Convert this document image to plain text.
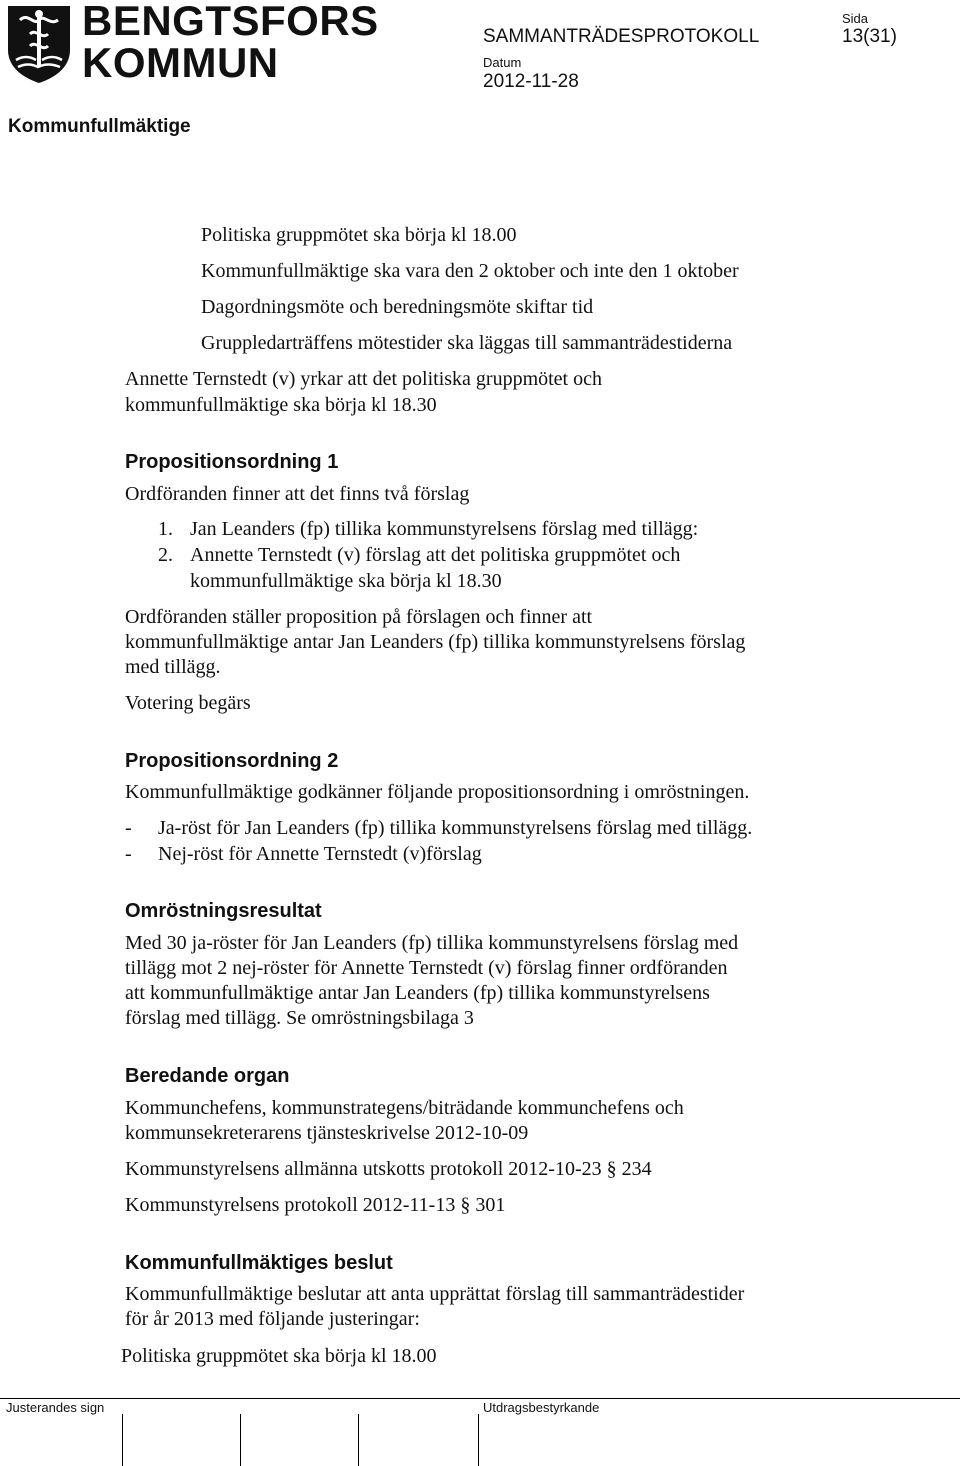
BENGTSFORS
KOMMUN
SAMMANTRÄDESPROTOKOLL
Sida
13(31)
Datum
2012-11-28
Kommunfullmäktige
Politiska gruppmötet ska börja kl 18.00
Kommunfullmäktige ska vara den 2 oktober och inte den 1 oktober
Dagordningsmöte och beredningsmöte skiftar tid
Gruppledarträffens mötestider ska läggas till sammanträdestiderna
Annette Ternstedt (v) yrkar att det politiska gruppmötet och
kommunfullmäktige ska börja kl 18.30
Propositionsordning 1
Ordföranden finner att det finns två förslag
1. Jan Leanders (fp) tillika kommunstyrelsens förslag med tillägg:
2. Annette Ternstedt (v) förslag att det politiska gruppmötet och
kommunfullmäktige ska börja kl 18.30
Ordföranden ställer proposition på förslagen och finner att
kommunfullmäktige antar Jan Leanders (fp) tillika kommunstyrelsens förslag
med tillägg.
Votering begärs
Propositionsordning 2
Kommunfullmäktige godkänner följande propositionsordning i omröstningen.
- Ja-röst för Jan Leanders (fp) tillika kommunstyrelsens förslag med tillägg.
- Nej-röst för Annette Ternstedt (v)förslag
Omröstningsresultat
Med 30 ja-röster för Jan Leanders (fp) tillika kommunstyrelsens förslag med
tillägg mot 2 nej-röster för Annette Ternstedt (v) förslag finner ordföranden
att kommunfullmäktige antar Jan Leanders (fp) tillika kommunstyrelsens
förslag med tillägg. Se omröstningsbilaga 3
Beredande organ
Kommunchefens, kommunstrategens/biträdande kommunchefens och
kommunsekreterarens tjänsteskrivelse 2012-10-09
Kommunstyrelsens allmänna utskotts protokoll 2012-10-23 § 234
Kommunstyrelsens protokoll 2012-11-13 § 301
Kommunfullmäktiges beslut
Kommunfullmäktige beslutar att anta upprättat förslag till sammanträdestider
för år 2013 med följande justeringar:
Politiska gruppmötet ska börja kl 18.00
Justerandes sign	Utdragsbestyrkande
